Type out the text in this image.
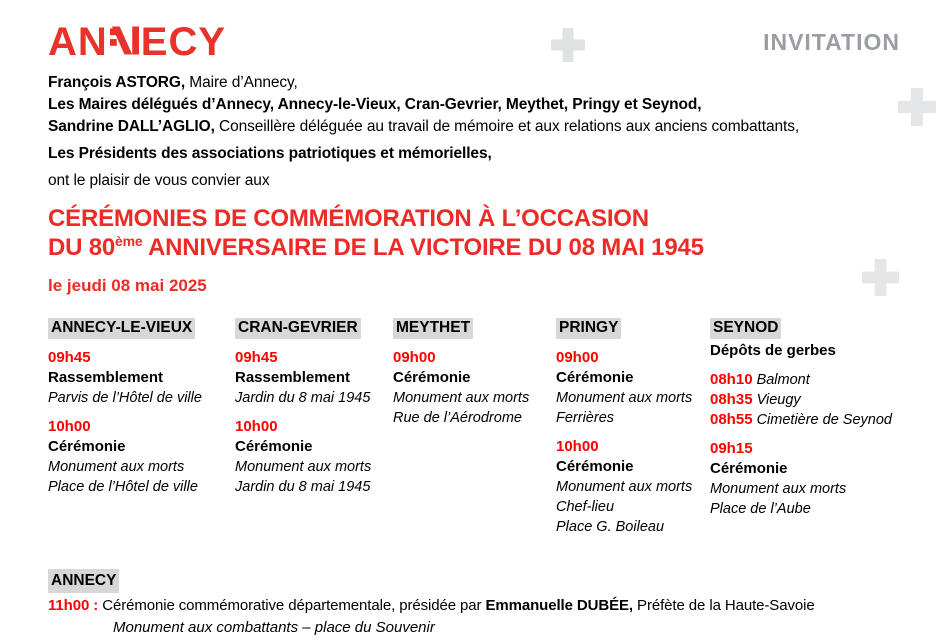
INVITATION
AN ECY

François ASTORG, Maire d’Annecy,

Les Maires délégués d’Annecy, Annecy-le-Vieux, Cran-Gevrier, Meythet, Pringy et Seynod,

Sandrine DALL’AGLIO, Conseillère déléguée au travail de mémoire et aux relations aux anciens combattants,

Les Présidents des associations patriotiques et mémorielles,

ont le plaisir de vous convier aux

CÉRÉMONIES DE COMMÉMORATION À L’OCCASION
DU 80ème ANNIVERSAIRE DE LA VICTOIRE DU 08 MAI 1945
le jeudi 08 mai 2025
ANNECY-LE-VIEUX
09h45
Rassemblement
Parvis de l’Hôtel de ville
10h00
Cérémonie
Monument aux morts
Place de l’Hôtel de ville
CRAN-GEVRIER
09h45
Rassemblement
Jardin du 8 mai 1945
10h00
Cérémonie
Monument aux morts
Jardin du 8 mai 1945
MEYTHET
09h00
Cérémonie
Monument aux morts
Rue de l’Aérodrome
PRINGY
09h00
Cérémonie
Monument aux morts
Ferrières
10h00
Cérémonie
Monument aux morts
Chef-lieu
Place G. Boileau
SEYNOD
Dépôts de gerbes
08h10 Balmont
08h35 Vieugy
08h55 Cimetière de Seynod
09h15
Cérémonie
Monument aux morts
Place de l’Aube
ANNECY
11h00 : Cérémonie commémorative départementale, présidée par Emmanuelle DUBÉE, Préfète de la Haute-Savoie
Monument aux combattants – place du Souvenir
